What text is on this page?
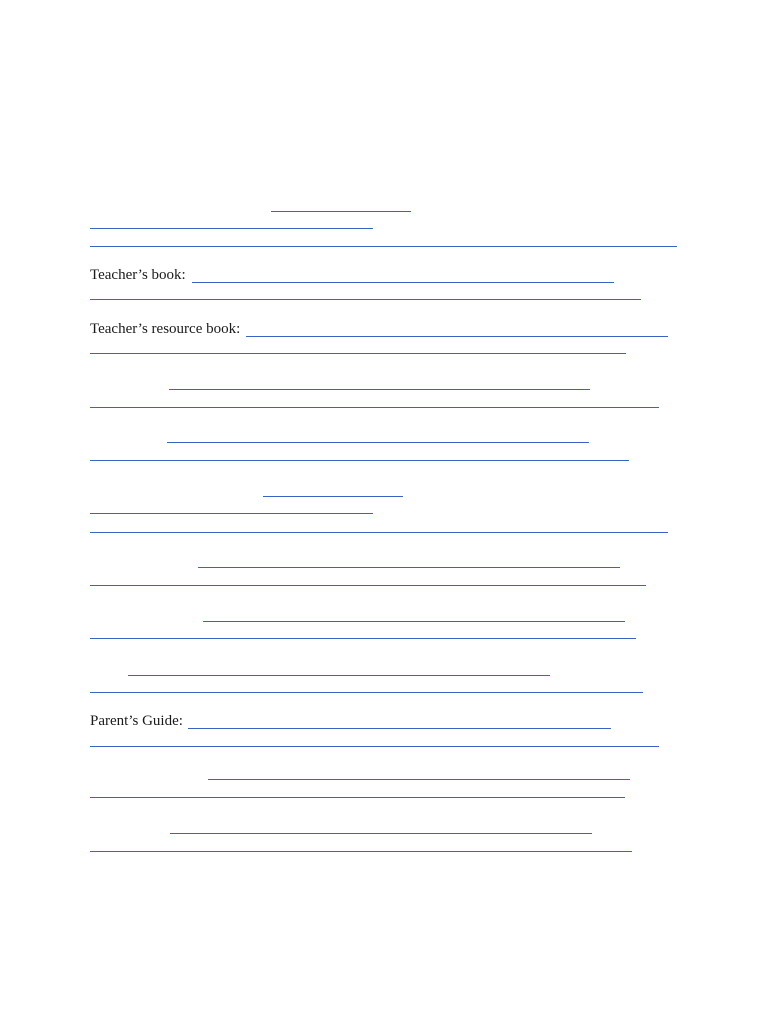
Teacher’s book:
Teacher’s resource book:
Parent’s Guide:
